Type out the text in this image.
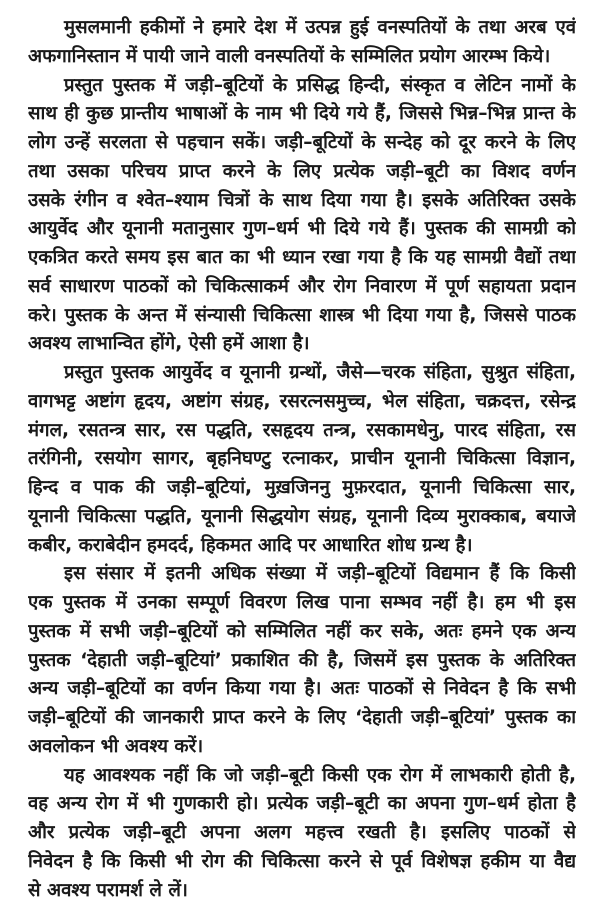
मुसलमानी हकीमों ने हमारे देश में उत्पन्न हुई वनस्पतियों के तथा अरब एवं
अफगानिस्तान में पायी जाने वाली वनस्पतियों के सम्मिलित प्रयोग आरम्भ किये।
प्रस्तुत पुस्तक में जड़ी–बूटियों के प्रसिद्ध हिन्दी, संस्कृत व लेटिन नामों के
साथ ही कुछ प्रान्तीय भाषाओं के नाम भी दिये गये हैं, जिससे भिन्न–भिन्न प्रान्त के
लोग उन्हें सरलता से पहचान सकें। जड़ी–बूटियों के सन्देह को दूर करने के लिए
तथा उसका परिचय प्राप्त करने के लिए प्रत्येक जड़ी–बूटी का विशद वर्णन
उसके रंगीन व श्वेत–श्याम चित्रों के साथ दिया गया है। इसके अतिरिक्त उसके
आयुर्वेद और यूनानी मतानुसार गुण–धर्म भी दिये गये हैं। पुस्तक की सामग्री को
एकत्रित करते समय इस बात का भी ध्यान रखा गया है कि यह सामग्री वैद्यों तथा
सर्व साधारण पाठकों को चिकित्साकर्म और रोग निवारण में पूर्ण सहायता प्रदान
करे। पुस्तक के अन्त में संन्यासी चिकित्सा शास्त्र भी दिया गया है, जिससे पाठक
अवश्य लाभान्वित होंगे, ऐसी हमें आशा है।
प्रस्तुत पुस्तक आयुर्वेद व यूनानी ग्रन्थों, जैसे—चरक संहिता, सुश्रुत संहिता,
वागभट्ट अष्टांग हृदय, अष्टांग संग्रह, रसरत्नसमुच्च, भेल संहिता, चक्रदत्त, रसेन्द्र
मंगल, रसतन्त्र सार, रस पद्धति, रसहृदय तन्त्र, रसकामधेनु, पारद संहिता, रस
तरंगिनी, रसयोग सागर, बृहनिघण्टु रत्नाकर, प्राचीन यूनानी चिकित्सा विज्ञान,
हिन्द व पाक की जड़ी–बूटियां, मुख़जिननु मुफ़रदात, यूनानी चिकित्सा सार,
यूनानी चिकित्सा पद्धति, यूनानी सिद्धयोग संग्रह, यूनानी दिव्य मुराक्काब, बयाजे
कबीर, कराबेदीन हमदर्द, हिकमत आदि पर आधारित शोध ग्रन्थ है।
इस संसार में इतनी अधिक संख्या में जड़ी–बूटियों विद्यमान हैं कि किसी
एक पुस्तक में उनका सम्पूर्ण विवरण लिख पाना सम्भव नहीं है। हम भी इस
पुस्तक में सभी जड़ी–बूटियों को सम्मिलित नहीं कर सके, अतः हमने एक अन्य
पुस्तक ‘देहाती जड़ी–बूटियां’ प्रकाशित की है, जिसमें इस पुस्तक के अतिरिक्त
अन्य जड़ी–बूटियों का वर्णन किया गया है। अतः पाठकों से निवेदन है कि सभी
जड़ी–बूटियों की जानकारी प्राप्त करने के लिए ‘देहाती जड़ी–बूटियां’ पुस्तक का
अवलोकन भी अवश्य करें।
यह आवश्यक नहीं कि जो जड़ी–बूटी किसी एक रोग में लाभकारी होती है,
वह अन्य रोग में भी गुणकारी हो। प्रत्येक जड़ी–बूटी का अपना गुण–धर्म होता है
और प्रत्येक जड़ी–बूटी अपना अलग महत्त्व रखती है। इसलिए पाठकों से
निवेदन है कि किसी भी रोग की चिकित्सा करने से पूर्व विशेषज्ञ हकीम या वैद्य
से अवश्य परामर्श ले लें।
